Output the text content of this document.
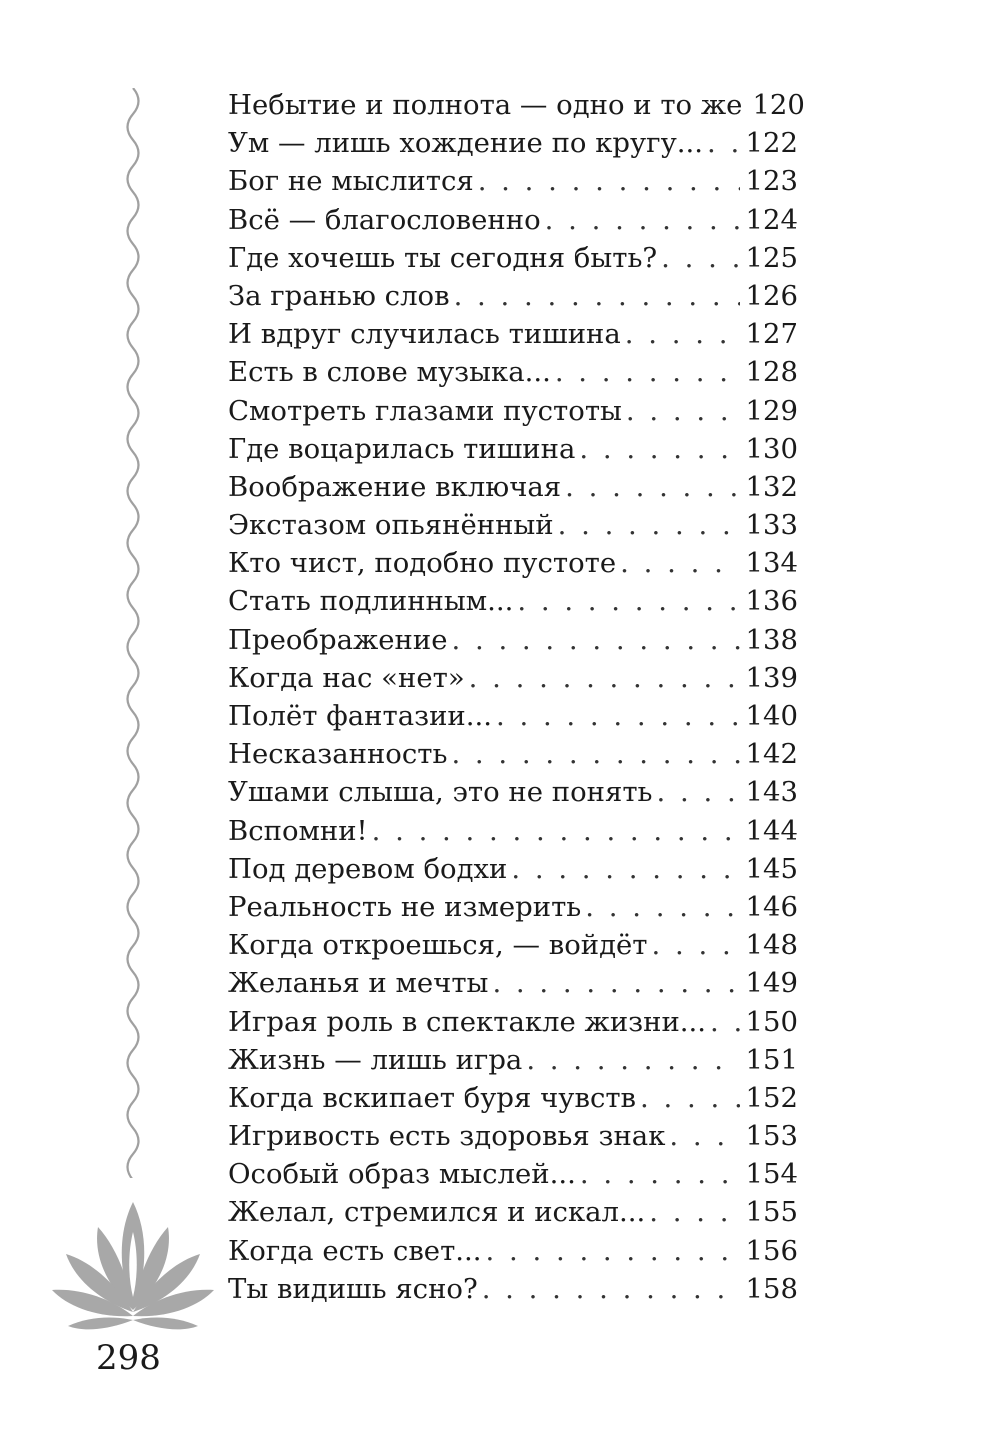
Небытие и полнота — одно и то же 120
Ум — лишь хождение по кругу... . . . 122
Бог не мыслится . . .	123
Всё — благословенно . . .	124
Где хочешь ты сегодня быть? . . .	125
За гранью слов . . .	126
И вдруг случилась тишина . . .	127
Есть в слове музыка... . . .	128
Смотреть глазами пустоты . . .	129
Где воцарилась тишина . . .	130
Воображение включая . . .	132
Экстазом опьянённый . . .	133
Кто чист, подобно пустоте . . .	134
Стать подлинным... . . .	136
Преображение . . .	138
Когда нас «нет» . . .	139
Полёт фантазии... . . .	140
Несказанность . . .	142
Ушами слыша, это не понять . . .	143
Вспомни! . . .	144
Под деревом бодхи . . .	145
Реальность не измерить . . .	146
Когда откроешься, — войдёт . . .	148
Желанья и мечты . . .	149
Играя роль в спектакле жизни... . . . 150
Жизнь — лишь игра . . .	151
Когда вскипает буря чувств . . .	152
Игривость есть здоровья знак . . .	153
Особый образ мыслей... . . .	154
Желал, стремился и искал... . . .	155
Когда есть свет... . . .	156
Ты видишь ясно? . . .	158
298
